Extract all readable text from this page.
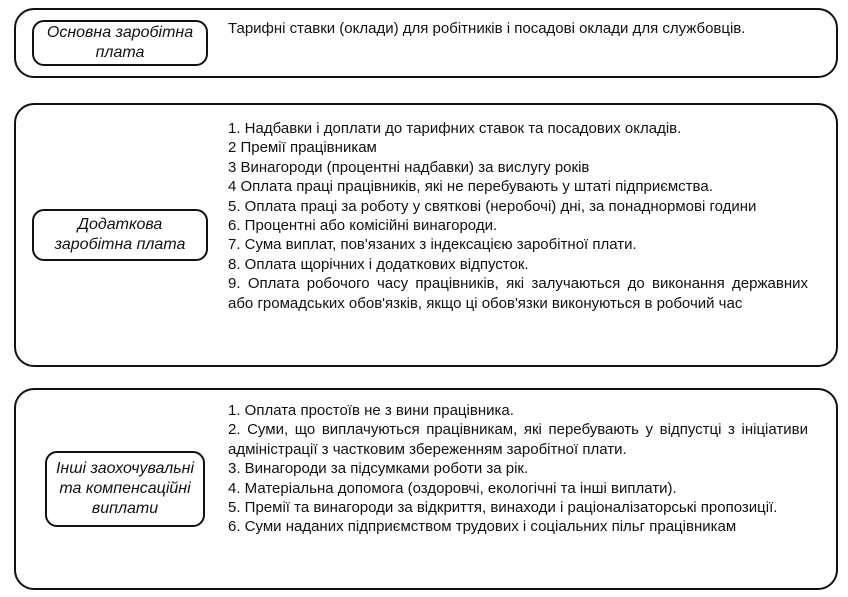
Основна заробітна плата
Тарифні ставки (оклади) для робітників і посадові оклади для службовців.
Додаткова заробітна плата
1. Надбавки і доплати до тарифних ставок та посадових окладів.
2 Премії працівникам
3 Винагороди (процентні надбавки) за вислугу років
4 Оплата праці працівників, які не перебувають у штаті підприємства.
5. Оплата праці за роботу у святкові (неробочі) дні, за понаднормові години
6. Процентні або комісійні винагороди.
7. Сума виплат, пов'язаних з індексацією заробітної плати.
8. Оплата щорічних і додаткових відпусток.
9. Оплата робочого часу працівників, які залучаються до виконання державних або громадських обов'язків, якщо ці обов'язки виконуються в робочий час
Інші заохочувальні та компенсаційні виплати
1. Оплата простоїв не з вини працівника.
2. Суми, що виплачуються працівникам, які перебувають у відпустці з ініціативи адміністрації з частковим збереженням заробітної плати.
3. Винагороди за підсумками роботи за рік.
4. Матеріальна допомога (оздоровчі, екологічні та інші виплати).
5. Премії та винагороди за відкриття, винаходи і раціоналізаторські пропозиції.
6. Суми наданих підприємством трудових і соціальних пільг працівникам
